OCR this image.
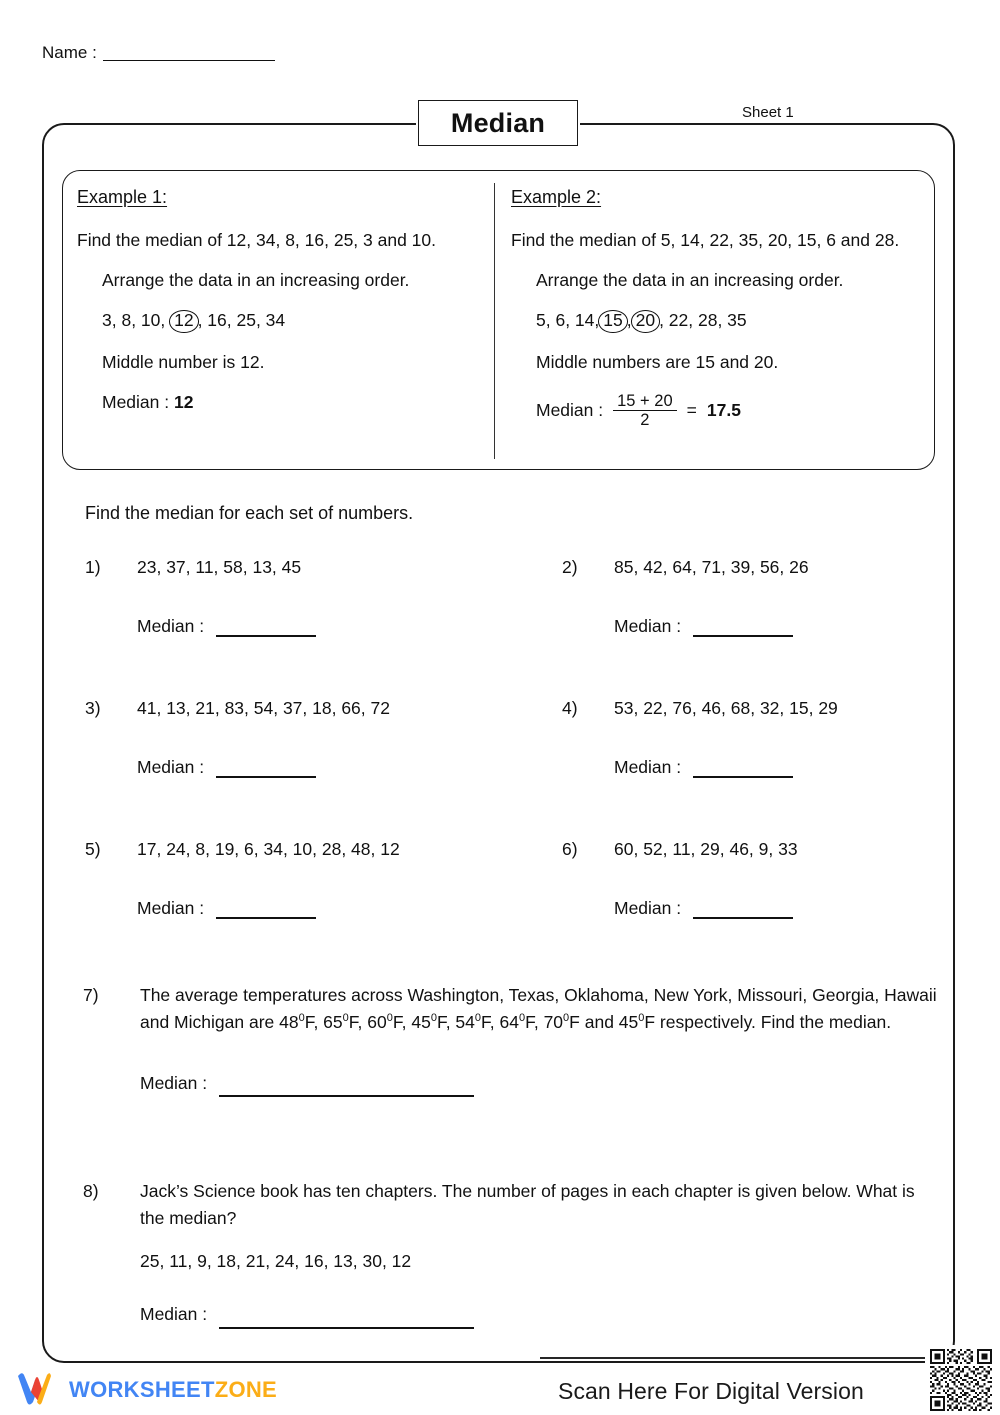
Name :
Median	Sheet 1
Example 1:
Find the median of 12, 34, 8, 16, 25, 3 and 10.
Arrange the data in an increasing order.
3, 8, 10, 12 , 16, 25, 34
Middle number is 12.
Median : 12
Example 2:
Find the median of 5, 14, 22, 35, 20, 15, 6 and 28.
Arrange the data in an increasing order.
5, 6, 14, 15 , 20 , 22, 28, 35
Middle numbers are 15 and 20.
Median : $\frac{15 + 20}{2} = 17.5$
Find the median for each set of numbers.
1)	23, 37, 11, 58, 13, 45
Median :
2)	85, 42, 64, 71, 39, 56, 26
Median :
3)	41, 13, 21, 83, 54, 37, 18, 66, 72
Median :
4)	53, 22, 76, 46, 68, 32, 15, 29
Median :
5)	17, 24, 8, 19, 6, 34, 10, 28, 48, 12
Median :
6)	60, 52, 11, 29, 46, 9, 33
Median :
7)	The average temperatures across Washington, Texas, Oklahoma, New York, Missouri, Georgia, Hawaii and Michigan are $48^0F$, $65^0F$, $60^0F$, $45^0F$, $54^0F$, $64^0F$, $70^0F$ and $45^0F$ respectively. Find the median.
Median :
8)	Jack’s Science book has ten chapters. The number of pages in each chapter is given below. What is the median?
25, 11, 9, 18, 21, 24, 16, 13, 30, 12
Median :
WORKSHEETZONE	Scan Here For Digital Version
